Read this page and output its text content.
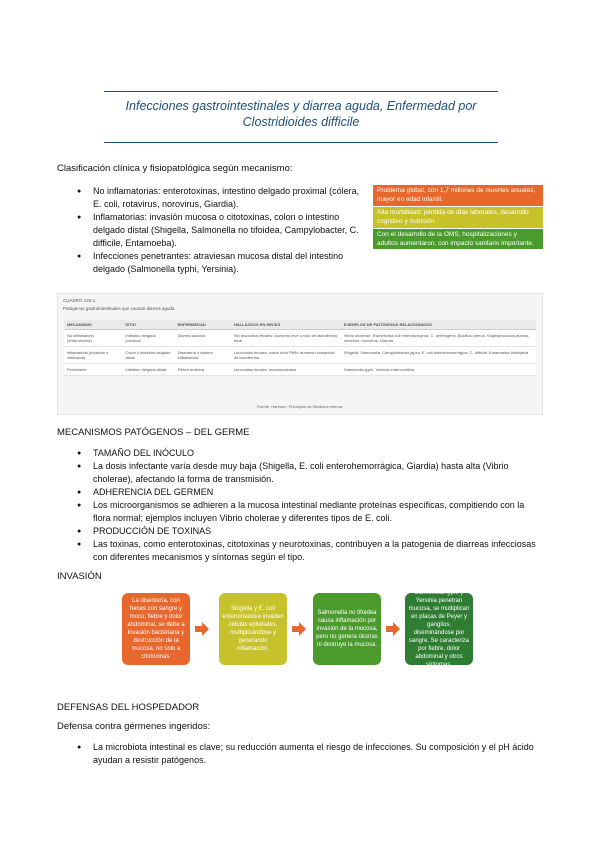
Infecciones gastrointestinales y diarrea aguda, Enfermedad por Clostridioides difficile
Clasificación clínica y fisiopatológica según mecanismo:
● No inflamatorias: enterotoxinas, intestino delgado proximal (cólera, E. coli, rotavirus, norovirus, Giardia).
● Inflamatorias: invasión mucosa o citotoxinas, colon o intestino delgado distal (Shigella, Salmonella no tifoidea, Campylobacter, C. difficile, Entamoeba).
● Infecciones penetrantes: atraviesan mucosa distal del intestino delgado (Salmonella typhi, Yersinia).
Problema global, con 1,7 millones de muertes anuales, mayor en edad infantil.
Alta morbilidad: pérdida de días laborales, desarrollo cognitivo y nutrición.
Con el desarrollo de la OMS, hospitalizaciones y adultos aumentaron, con impacto sanitario importante.
CUADRO 133-1
Patógenos gastrointestinales que causan diarrea aguda
MECANISMO	SITIO	ENFERMEDAD	HALLAZGOS EN HECES	EJEMPLOS DE PATÓGENOS RELACIONADOS
No inflamatorio (enterotoxina)	Intestino delgado proximal	Diarrea acuosa	Sin leucocitos fecales; aumento leve o nulo de lactoferrina fecal	Vibrio cholerae, Escherichia coli enterotoxígena, C. perfringens, Bacillus cereus, Staphylococcus aureus, rotavirus, norovirus, Giardia
Inflamatorio (invasión o citotoxina)	Colon o intestino delgado distal	Disentería o diarrea inflamatoria	Leucocitos fecales, sobre todo PMN; aumento sustancial de lactoferrina	Shigella, Salmonella, Campylobacter jejuni, E. coli enterohemorrágica, C. difficile, Entamoeba histolytica
Penetrante	Intestino delgado distal	Fiebre entérica	Leucocitos fecales, mononucleares	Salmonella typhi, Yersinia enterocolitica
Fuente: Harrison. Principios de Medicina Interna.
MECANISMOS PATÓGENOS – DEL GERME
● TAMAÑO DEL INÓCULO
● La dosis infectante varía desde muy baja (Shigella, E. coli enterohemorrágica, Giardia) hasta alta (Vibrio cholerae), afectando la forma de transmisión.
● ADHERENCIA DEL GERMEN
● Los microorganismos se adhieren a la mucosa intestinal mediante proteínas específicas, compitiendo con la flora normal; ejemplos incluyen Vibrio cholerae y diferentes tipos de E. coli.
● PRODUCCIÓN DE TOXINAS
● Las toxinas, como enterotoxinas, citotoxinas y neurotoxinas, contribuyen a la patogenia de diarreas infecciosas con diferentes mecanismos y síntomas según el tipo.
INVASIÓN
La disentería, con heces con sangre y moco, fiebre y dolor abdominal, se debe a invasión bacteriana y destrucción de la mucosa, no solo a citotoxinas.
Shigella y E. coli enteroinvasiva invaden células epiteliales, multiplicándose y generando inflamación.
Salmonella no tifoidea causa inflamación por invasión de la mucosa, pero no genera úlceras ni destruye la mucosa.
Salmonella typhi y Yersinia penetran mucosa, se multiplican en placas de Peyer y ganglios, diseminándose por sangre. Se caracteriza por fiebre, dolor abdominal y otros síntomas.
DEFENSAS DEL HOSPEDADOR
Defensa contra gérmenes ingeridos:
● La microbiota intestinal es clave; su reducción aumenta el riesgo de infecciones. Su composición y el pH ácido ayudan a resistir patógenos.
